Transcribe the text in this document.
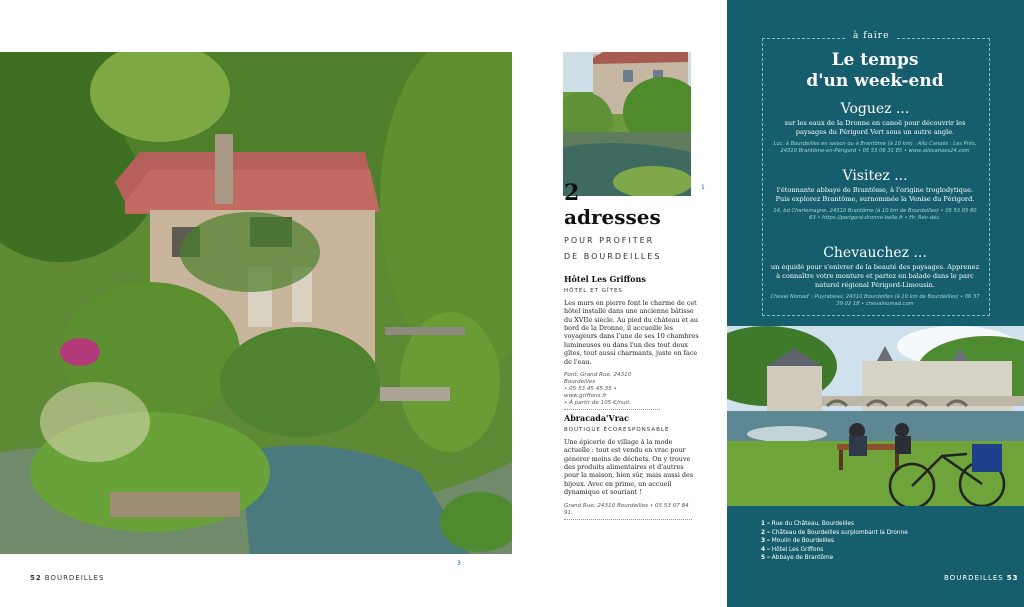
52 BOURDEILLES
1
2
adresses
POUR PROFITER
DE BOURDEILLES
Hôtel Les Griffons
HÔTEL ET GÎTES

Les murs en pierre font le charme de cet hôtel installé dans une ancienne bâtisse du XVIIe siècle. Au pied du château et au bord de la Dronne, il accueille les voyageurs dans l'une de ses 10 chambres lumineuses ou dans l'un des tout deux gîtes, tout aussi charmants, juste en face de l'eau.

Pont, Grand Rue, 24310 Bourdeilles
• 05 53 45 45 35 • www.griffons.fr
• À partir de 105 €/nuit.
Abracada'Vrac
BOUTIQUE ÉCORESPONSABLE

Une épicerie de village à la mode actuelle : tout est vendu en vrac pour générer moins de déchets. On y trouve des produits alimentaires et d'autres pour la maison, bien sûr, mais aussi des bijoux. Avec en prime, un accueil dynamique et souriant !

Grand Rue, 24310 Bourdeilles • 05 53 07 84 91.
3
à faire
Le temps
d'un week-end
Voguez ...

sur les eaux de la Dronne en canoë pour découvrir les paysages du Périgord Vert sous un autre angle.

Loc. à Bourdeilles en saison ou à Brantôme (à 10 km) : Allo Canoës : Les Prés, 24310 Brantôme-en-Périgord • 05 53 06 31 85 • www.allocanoes24.com
Visitez ...

l'étonnante abbaye de Brantôme, à l'origine troglodytique. Puis explorez Brantôme, surnommée la Venise du Périgord.

14, bd Charlemagne, 24310 Brantôme (à 10 km de Bourdeilles) • 05 53 05 80 63 • https://perigord-dronne-belle.fr • Hr. Rév-déc.
Chevauchez ...

un équidé pour s'enivrer de la beauté des paysages. Apprenez à connaître votre monture et partez en balade dans le parc naturel régional Périgord-Limousin.

Cheval Nomad' : Puyrabeau, 24310 Bourdeilles (à 10 km de Bourdeilles) • 06 37 39 02 18 • chevalnomad.com
2
1 – Rue du Château, Bourdeilles
2 – Château de Bourdeilles surplombant la Dronne
3 – Moulin de Bourdeilles
4 – Hôtel Les Griffons
5 – Abbaye de Brantôme
BOURDEILLES 53
